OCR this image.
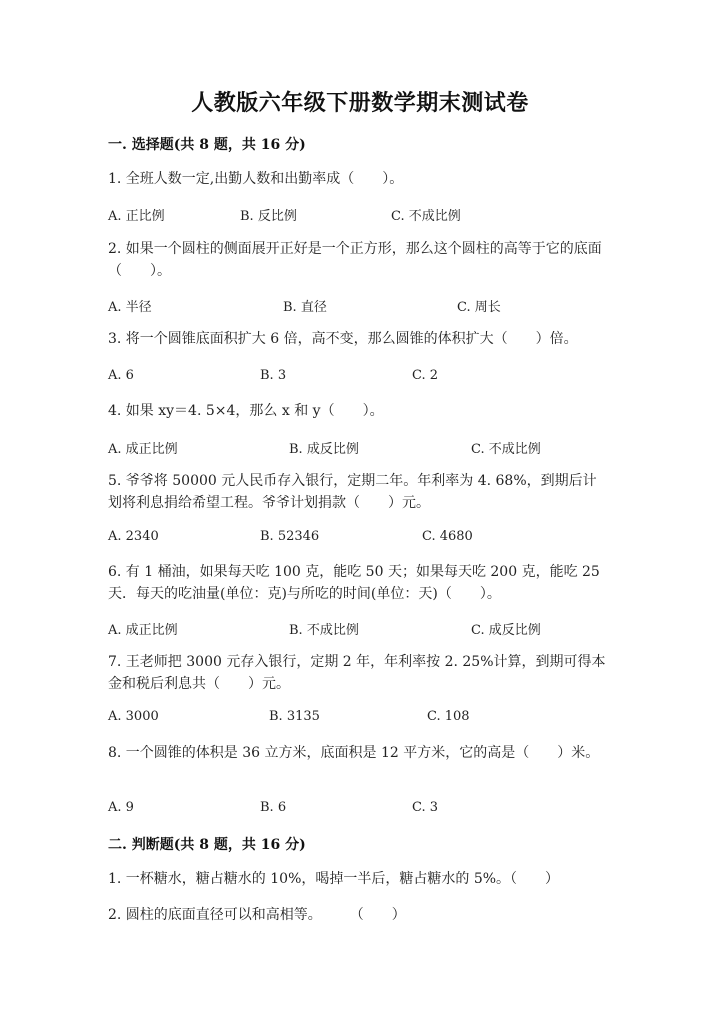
人教版六年级下册数学期末测试卷
一. 选择题(共 8 题，共 16 分)
1. 全班人数一定,出勤人数和出勤率成（　　）。
A. 正比例	B. 反比例	C. 不成比例
2. 如果一个圆柱的侧面展开正好是一个正方形，那么这个圆柱的高等于它的底面（　　）。
A. 半径	B. 直径	C. 周长
3. 将一个圆锥底面积扩大 6 倍，高不变，那么圆锥的体积扩大（　　）倍。
A. 6	B. 3	C. 2
4. 如果 xy＝4. 5×4，那么 x 和 y（　　）。
A. 成正比例	B. 成反比例	C. 不成比例
5. 爷爷将 50000 元人民币存入银行，定期二年。年利率为 4. 68%，到期后计划将利息捐给希望工程。爷爷计划捐款（　　）元。
A. 2340	B. 52346	C. 4680
6. 有 1 桶油，如果每天吃 100 克，能吃 50 天；如果每天吃 200 克，能吃 25 天．每天的吃油量(单位：克)与所吃的时间(单位：天)（　　）。
A. 成正比例	B. 不成比例	C. 成反比例
7. 王老师把 3000 元存入银行，定期 2 年，年利率按 2. 25%计算，到期可得本金和税后利息共（　　）元。
A. 3000	B. 3135	C. 108
8. 一个圆锥的体积是 36 立方米，底面积是 12 平方米，它的高是（　　）米。
A. 9	B. 6	C. 3
二. 判断题(共 8 题，共 16 分)
1. 一杯糖水，糖占糖水的 10%，喝掉一半后，糖占糖水的 5%。（　　）
2. 圆柱的底面直径可以和高相等。　　　（　　）
